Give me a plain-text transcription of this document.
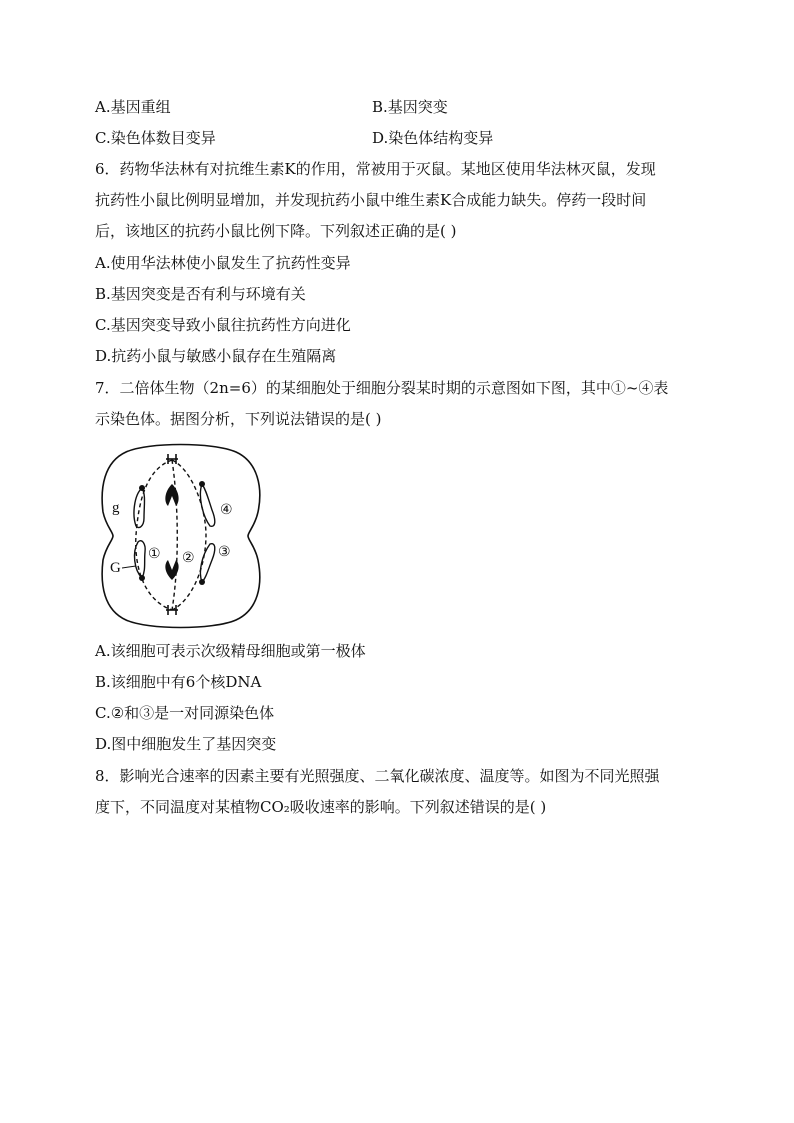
A.基因重组	B.基因突变
C.染色体数目变异	D.染色体结构变异
6．药物华法林有对抗维生素K的作用，常被用于灭鼠。某地区使用华法林灭鼠，发现
抗药性小鼠比例明显增加，并发现抗药小鼠中维生素K合成能力缺失。停药一段时间
后，该地区的抗药小鼠比例下降。下列叙述正确的是( )
A.使用华法林使小鼠发生了抗药性变异
B.基因突变是否有利与环境有关
C.基因突变导致小鼠往抗药性方向进化
D.抗药小鼠与敏感小鼠存在生殖隔离
7．二倍体生物（2n=6）的某细胞处于细胞分裂某时期的示意图如下图，其中①~④表
示染色体。据图分析，下列说法错误的是( )
g
G
① ② ③
④
A.该细胞可表示次级精母细胞或第一极体
B.该细胞中有6个核DNA
C.②和③是一对同源染色体
D.图中细胞发生了基因突变
8．影响光合速率的因素主要有光照强度、二氧化碳浓度、温度等。如图为不同光照强
度下，不同温度对某植物CO₂吸收速率的影响。下列叙述错误的是( )
